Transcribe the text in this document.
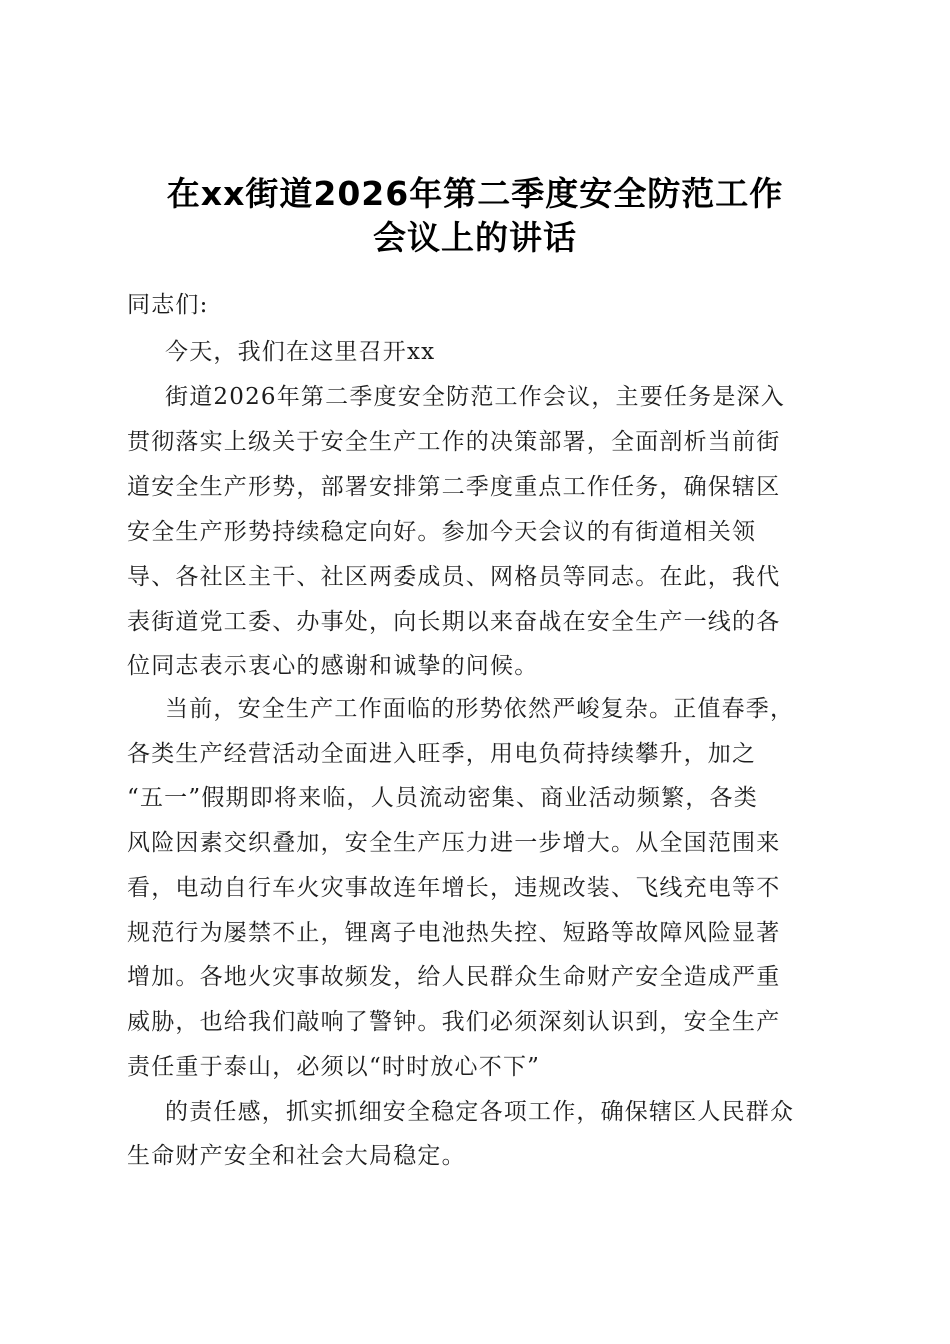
在xx街道2026年第二季度安全防范工作
会议上的讲话
同志们:
今天，我们在这里召开xx
街道2026年第二季度安全防范工作会议，主要任务是深入
贯彻落实上级关于安全生产工作的决策部署，全面剖析当前街
道安全生产形势，部署安排第二季度重点工作任务，确保辖区
安全生产形势持续稳定向好。参加今天会议的有街道相关领
导、各社区主干、社区两委成员、网格员等同志。在此，我代
表街道党工委、办事处，向长期以来奋战在安全生产一线的各
位同志表示衷心的感谢和诚挚的问候。
当前，安全生产工作面临的形势依然严峻复杂。正值春季，
各类生产经营活动全面进入旺季，用电负荷持续攀升，加之
“五一”假期即将来临，人员流动密集、商业活动频繁，各类
风险因素交织叠加，安全生产压力进一步增大。从全国范围来
看，电动自行车火灾事故连年增长，违规改装、飞线充电等不
规范行为屡禁不止，锂离子电池热失控、短路等故障风险显著
增加。各地火灾事故频发，给人民群众生命财产安全造成严重
威胁，也给我们敲响了警钟。我们必须深刻认识到，安全生产
责任重于泰山，必须以“时时放心不下”
的责任感，抓实抓细安全稳定各项工作，确保辖区人民群众
生命财产安全和社会大局稳定。
